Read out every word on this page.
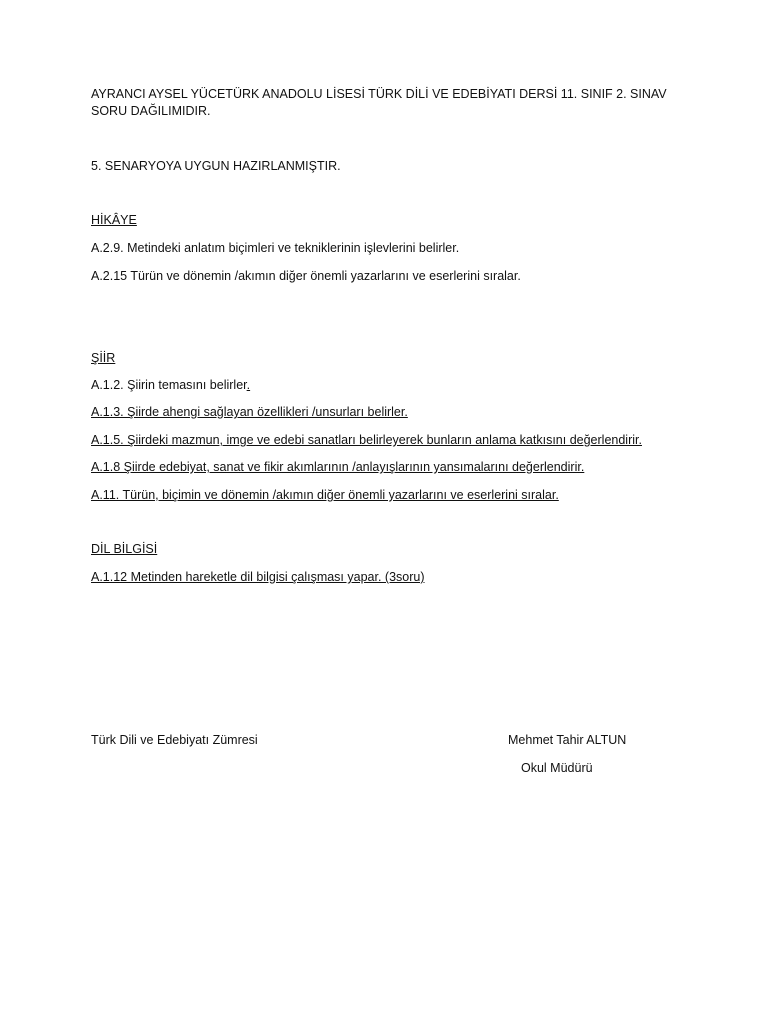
AYRANCI AYSEL YÜCETÜRK ANADOLU LİSESİ TÜRK DİLİ VE EDEBİYATI DERSİ 11. SINIF 2. SINAV SORU DAĞILIMIDIR.
5. SENARYOYA UYGUN HAZIRLANMIŞTIR.
HİKÂYE
A.2.9. Metindeki anlatım biçimleri ve tekniklerinin işlevlerini belirler.
A.2.15 Türün ve dönemin /akımın diğer önemli yazarlarını ve eserlerini sıralar.
ŞİİR
A.1.2. Şiirin temasını belirler.
A.1.3. Şiirde ahengi sağlayan özellikleri /unsurları belirler.
A.1.5. Şiirdeki mazmun, imge ve edebi sanatları belirleyerek bunların anlama katkısını değerlendirir.
A.1.8 Şiirde edebiyat, sanat ve fikir akımlarının /anlayışlarının yansımalarını değerlendirir.
A.11. Türün, biçimin ve dönemin /akımın diğer önemli yazarlarını ve eserlerini sıralar.
DİL BİLGİSİ
A.1.12 Metinden hareketle dil bilgisi çalışması yapar. (3soru)
Türk Dili ve Edebiyatı Zümresi	Mehmet Tahir ALTUN
Okul Müdürü
